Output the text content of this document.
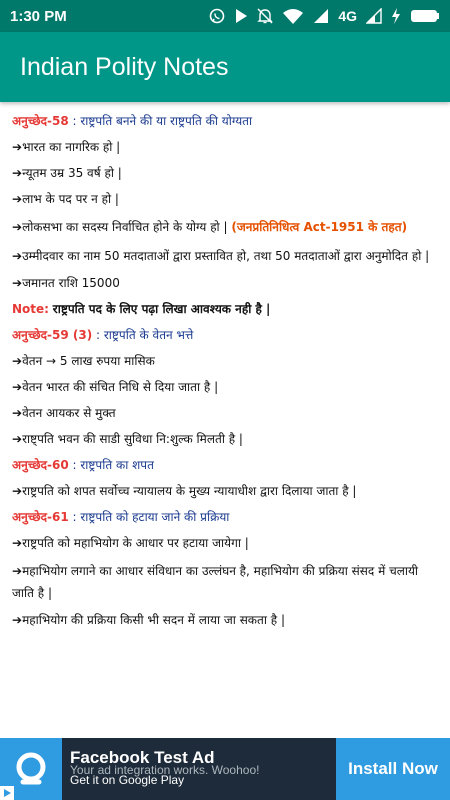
1:30 PM	4G
Indian Polity Notes
अनुच्छेद-58 : राष्ट्रपति बनने की या राष्ट्रपति की योग्यता
➔भारत का नागरिक हो |
➔न्यूतम उम्र 35 वर्ष हो |
➔लाभ के पद पर न हो |
➔लोकसभा का सदस्य निर्वाचित होने के योग्य हो | (जनप्रतिनिधित्व Act-1951 के तहत)
➔उम्मीदवार का नाम 50 मतदाताओं द्वारा प्रस्तावित हो, तथा 50 मतदाताओं द्वारा अनुमोदित हो |
➔जमानत राशि 15000
Note: राष्ट्रपति पद के लिए पढ़ा लिखा आवश्यक नही है |
अनुच्छेद-59 (3) : राष्ट्रपति के वेतन भत्ते
➔वेतन → 5 लाख रुपया मासिक
➔वेतन भारत की संचित निधि से दिया जाता है |
➔वेतन आयकर से मुक्त
➔राष्ट्पति भवन की साडी सुविधा नि:शुल्क मिलती है |
अनुच्छेद-60 : राष्ट्रपति का शपत
➔राष्ट्रपति को शपत सर्वोच्च न्यायालय के मुख्य न्यायाधीश द्वारा दिलाया जाता है |
अनुच्छेद-61 : राष्ट्रपति को हटाया जाने की प्रक्रिया
➔राष्ट्रपति को महाभियोग के आधार पर हटाया जायेगा |
➔महाभियोग लगाने का आधार संविधान का उल्लंघन है, महाभियोग की प्रक्रिया संसद में चलायी जाति है |
➔महाभियोग की प्रक्रिया किसी भी सदन में लाया जा सकता है |
Facebook Test Ad
Your ad integration works. Woohoo!
Get it on Google Play
Install Now
